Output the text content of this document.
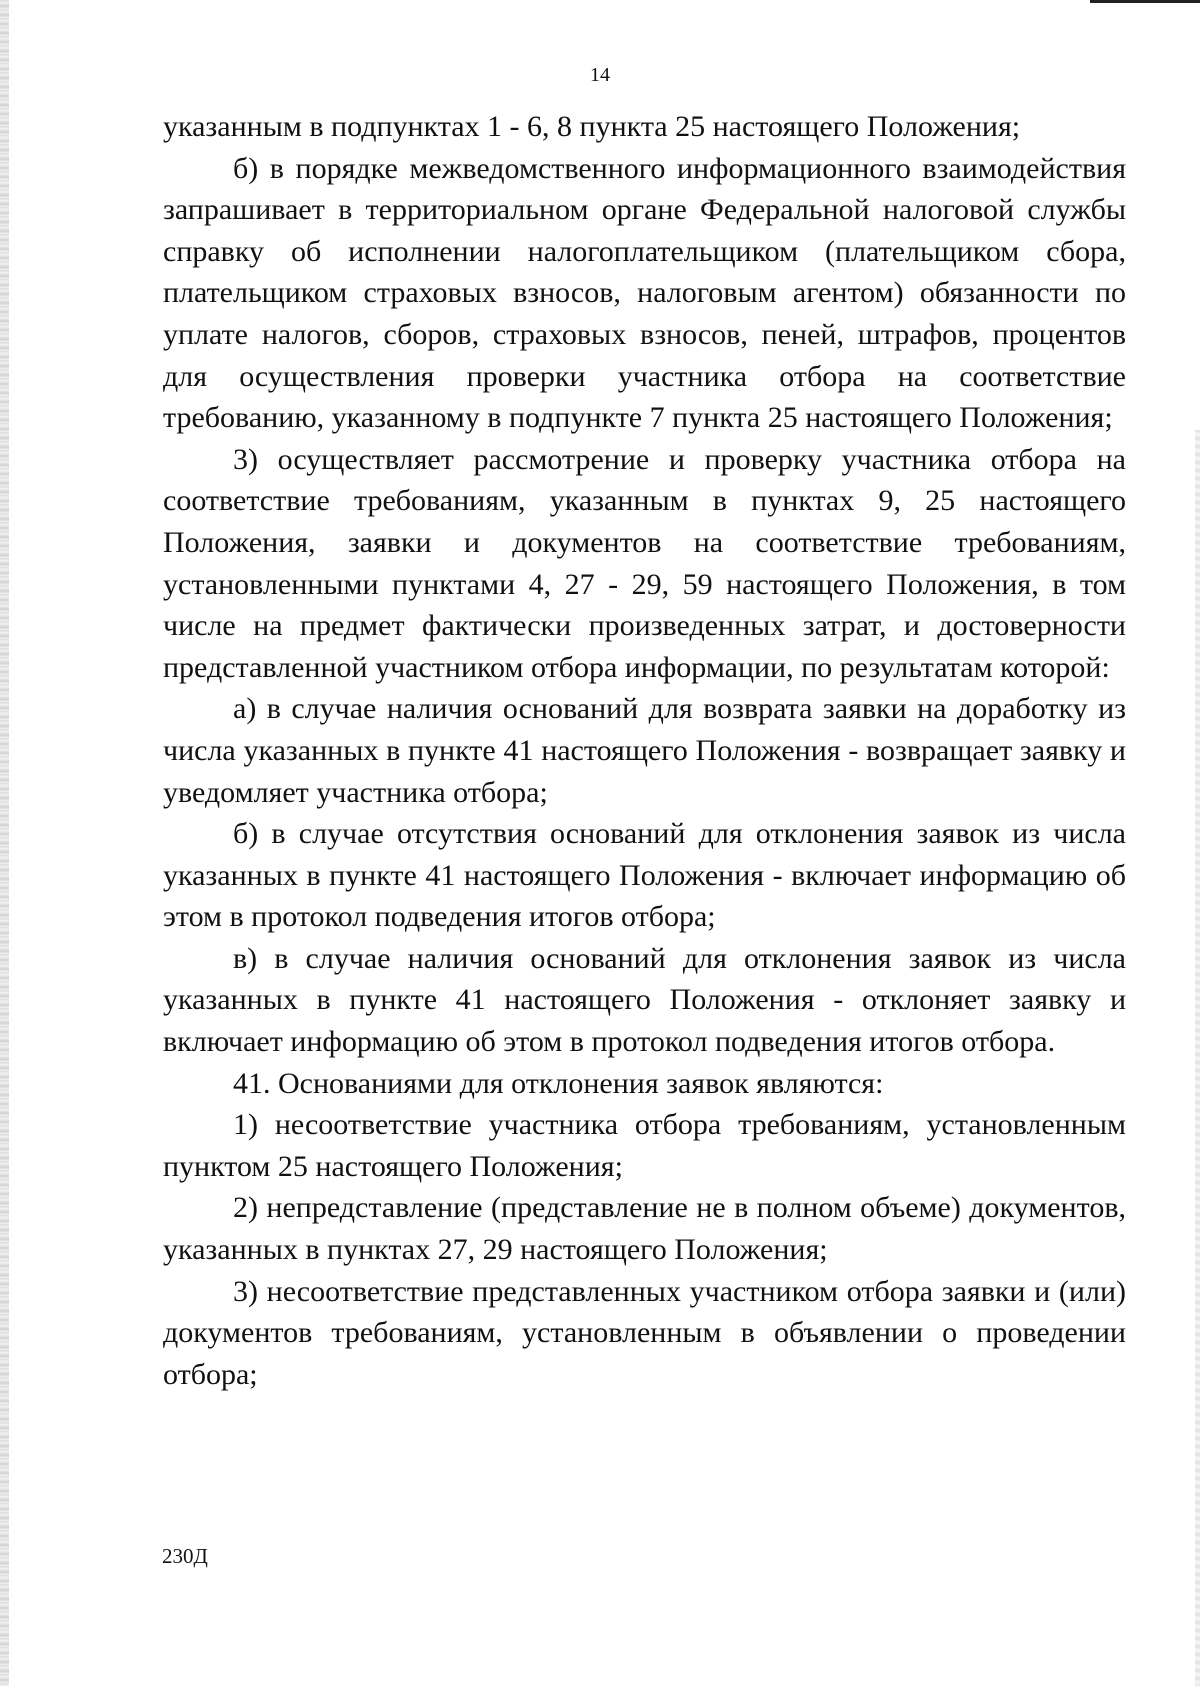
14

указанным в подпунктах 1 - 6, 8 пункта 25 настоящего Положения;

б) в порядке межведомственного информационного взаимодействия запрашивает в территориальном органе Федеральной налоговой службы справку об исполнении налогоплательщиком (плательщиком сбора, плательщиком страховых взносов, налоговым агентом) обязанности по уплате налогов, сборов, страховых взносов, пеней, штрафов, процентов для осуществления проверки участника отбора на соответствие требованию, указанному в подпункте 7 пункта 25 настоящего Положения;

3) осуществляет рассмотрение и проверку участника отбора на соответствие требованиям, указанным в пунктах 9, 25 настоящего Положения, заявки и документов на соответствие требованиям, установленными пунктами 4, 27 - 29, 59 настоящего Положения, в том числе на предмет фактически произведенных затрат, и достоверности представленной участником отбора информации, по результатам которой:

а) в случае наличия оснований для возврата заявки на доработку из числа указанных в пункте 41 настоящего Положения - возвращает заявку и уведомляет участника отбора;

б) в случае отсутствия оснований для отклонения заявок из числа указанных в пункте 41 настоящего Положения - включает информацию об этом в протокол подведения итогов отбора;

в) в случае наличия оснований для отклонения заявок из числа указанных в пункте 41 настоящего Положения - отклоняет заявку и включает информацию об этом в протокол подведения итогов отбора.

41. Основаниями для отклонения заявок являются:

1) несоответствие участника отбора требованиям, установленным пунктом 25 настоящего Положения;

2) непредставление (представление не в полном объеме) документов, указанных в пунктах 27, 29 настоящего Положения;

3) несоответствие представленных участником отбора заявки и (или) документов требованиям, установленным в объявлении о проведении отбора;

230Д
